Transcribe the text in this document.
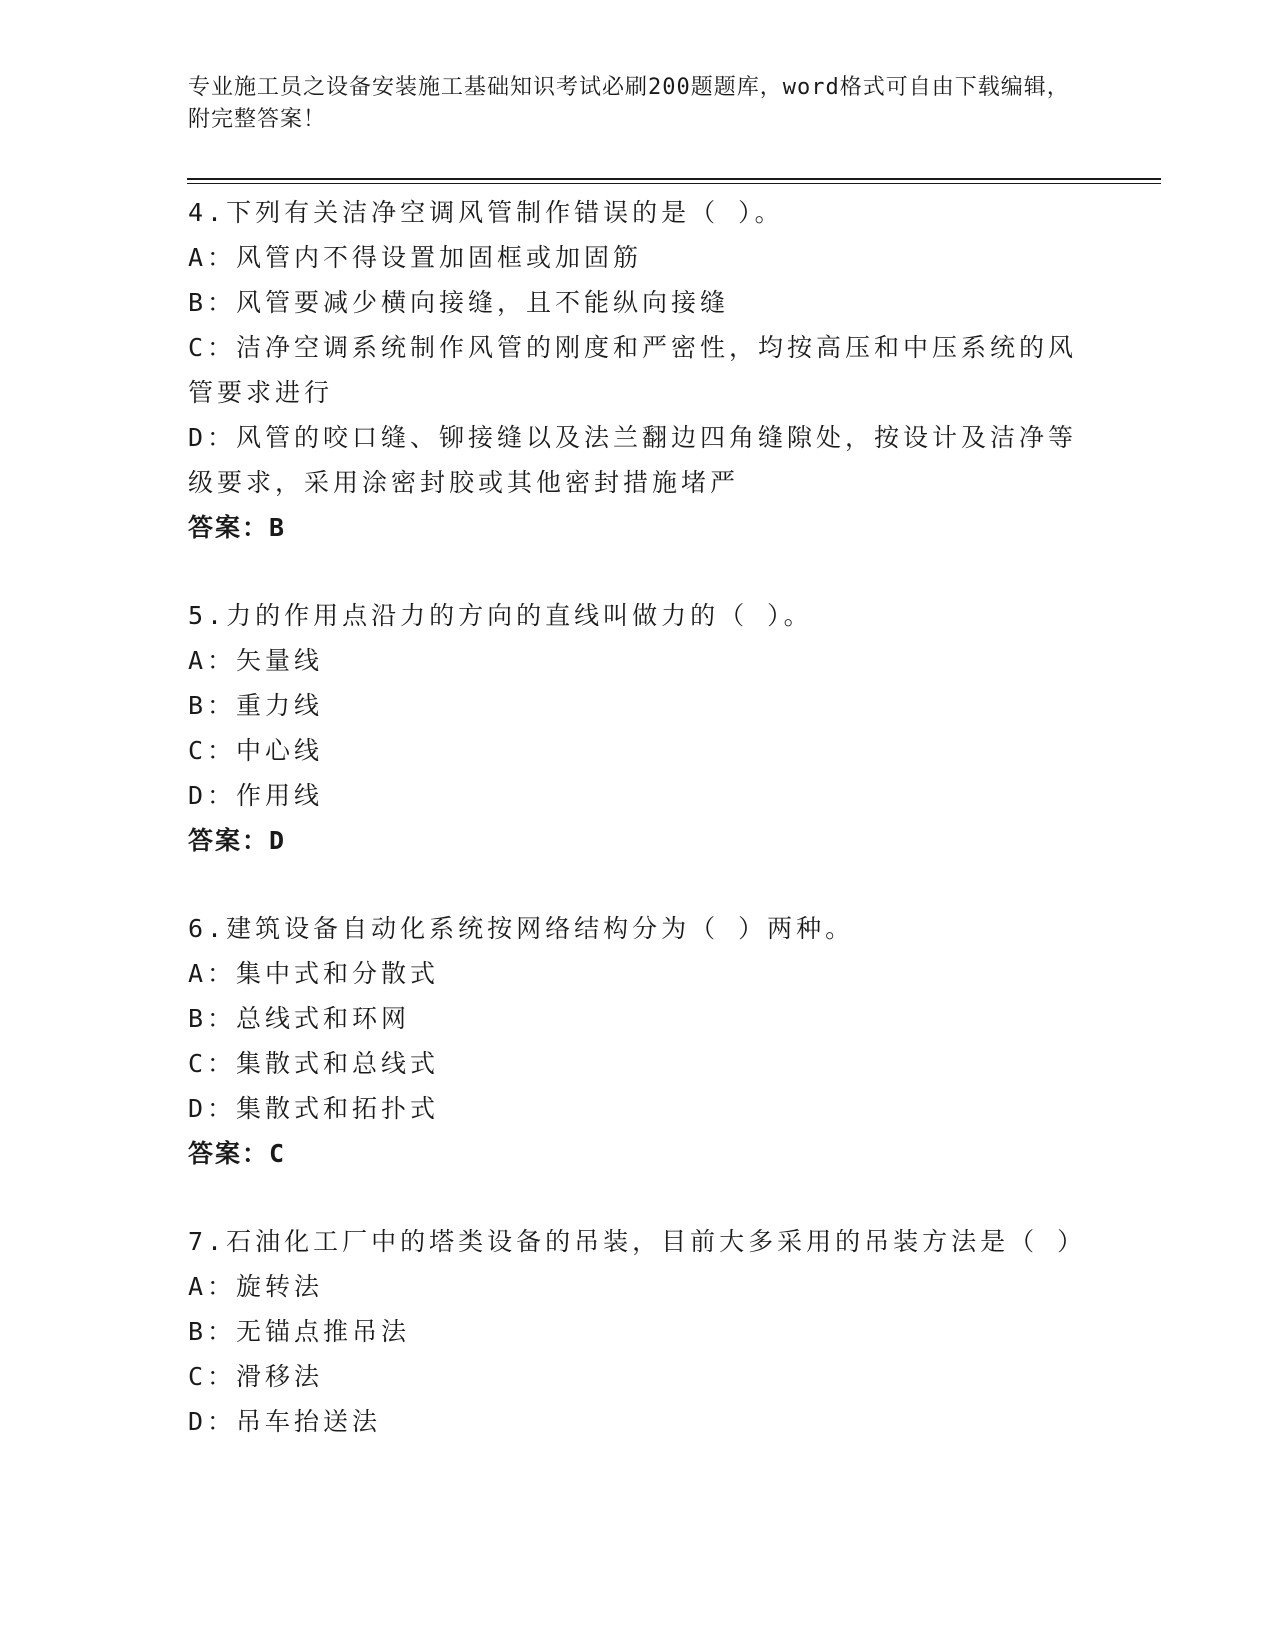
专业施工员之设备安装施工基础知识考试必刷200题题库，word格式可自由下载编辑，附完整答案！
4.下列有关洁净空调风管制作错误的是（ ）。
A：风管内不得设置加固框或加固筋
B：风管要减少横向接缝，且不能纵向接缝
C：洁净空调系统制作风管的刚度和严密性，均按高压和中压系统的风管要求进行
D：风管的咬口缝、铆接缝以及法兰翻边四角缝隙处，按设计及洁净等级要求，采用涂密封胶或其他密封措施堵严
答案：B
5.力的作用点沿力的方向的直线叫做力的（ ）。
A：矢量线
B：重力线
C：中心线
D：作用线
答案：D
6.建筑设备自动化系统按网络结构分为（ ）两种。
A：集中式和分散式
B：总线式和环网
C：集散式和总线式
D：集散式和拓扑式
答案：C
7.石油化工厂中的塔类设备的吊装，目前大多采用的吊装方法是（ ）
A：旋转法
B：无锚点推吊法
C：滑移法
D：吊车抬送法
